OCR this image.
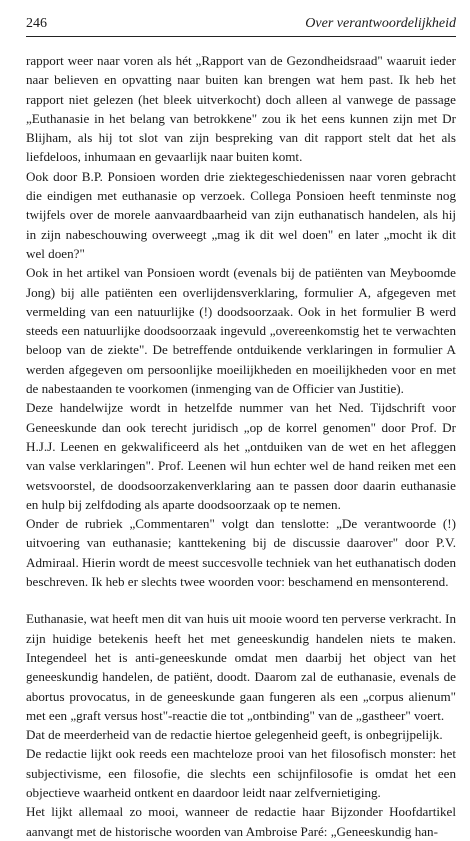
246	Over verantwoordelijkheid

rapport weer naar voren als hét „Rapport van de Gezondheidsraad" waaruit ieder naar believen en opvatting naar buiten kan brengen wat hem past. Ik heb het rapport niet gelezen (het bleek uitverkocht) doch alleen al vanwege de passage „Euthanasie in het belang van betrokkene" zou ik het eens kunnen zijn met Dr Blijham, als hij tot slot van zijn bespreking van dit rapport stelt dat het als liefdeloos, inhumaan en gevaarlijk naar buiten komt.

Ook door B.P. Ponsioen worden drie ziektegeschiedenissen naar voren gebracht die eindigen met euthanasie op verzoek. Collega Ponsioen heeft tenminste nog twijfels over de morele aanvaardbaarheid van zijn euthanatisch handelen, als hij in zijn nabeschouwing overweegt „mag ik dit wel doen" en later „mocht ik dit wel doen?"

Ook in het artikel van Ponsioen wordt (evenals bij de patiënten van Meyboomde Jong) bij alle patiënten een overlijdensverklaring, formulier A, afgegeven met vermelding van een natuurlijke (!) doodsoorzaak. Ook in het formulier B werd steeds een natuurlijke doodsoorzaak ingevuld „overeenkomstig het te verwachten beloop van de ziekte". De betreffende ontduikende verklaringen in formulier A werden afgegeven om persoonlijke moeilijkheden en moeilijkheden voor en met de nabestaanden te voorkomen (inmenging van de Officier van Justitie).

Deze handelwijze wordt in hetzelfde nummer van het Ned. Tijdschrift voor Geneeskunde dan ook terecht juridisch „op de korrel genomen" door Prof. Dr H.J.J. Leenen en gekwalificeerd als het „ontduiken van de wet en het afleggen van valse verklaringen". Prof. Leenen wil hun echter wel de hand reiken met een wetsvoorstel, de doodsoorzakenverklaring aan te passen door daarin euthanasie en hulp bij zelfdoding als aparte doodsoorzaak op te nemen.

Onder de rubriek „Commentaren" volgt dan tenslotte: „De verantwoorde (!) uitvoering van euthanasie; kanttekening bij de discussie daarover" door P.V. Admiraal. Hierin wordt de meest succesvolle techniek van het euthanatisch doden beschreven. Ik heb er slechts twee woorden voor: beschamend en mensonterend.

Euthanasie, wat heeft men dit van huis uit mooie woord ten perverse verkracht. In zijn huidige betekenis heeft het met geneeskundig handelen niets te maken. Integendeel het is anti-geneeskunde omdat men daarbij het object van het geneeskundig handelen, de patiënt, doodt. Daarom zal de euthanasie, evenals de abortus provocatus, in de geneeskunde gaan fungeren als een „corpus alienum" met een „graft versus host"-reactie die tot „ontbinding" van de „gastheer" voert.

Dat de meerderheid van de redactie hiertoe gelegenheid geeft, is onbegrijpelijk.

De redactie lijkt ook reeds een machteloze prooi van het filosofisch monster: het subjectivisme, een filosofie, die slechts een schijnfilosofie is omdat het een objectieve waarheid ontkent en daardoor leidt naar zelfvernietiging.

Het lijkt allemaal zo mooi, wanneer de redactie haar Bijzonder Hoofdartikel aanvangt met de historische woorden van Ambroise Paré: „Geneeskundig han-
